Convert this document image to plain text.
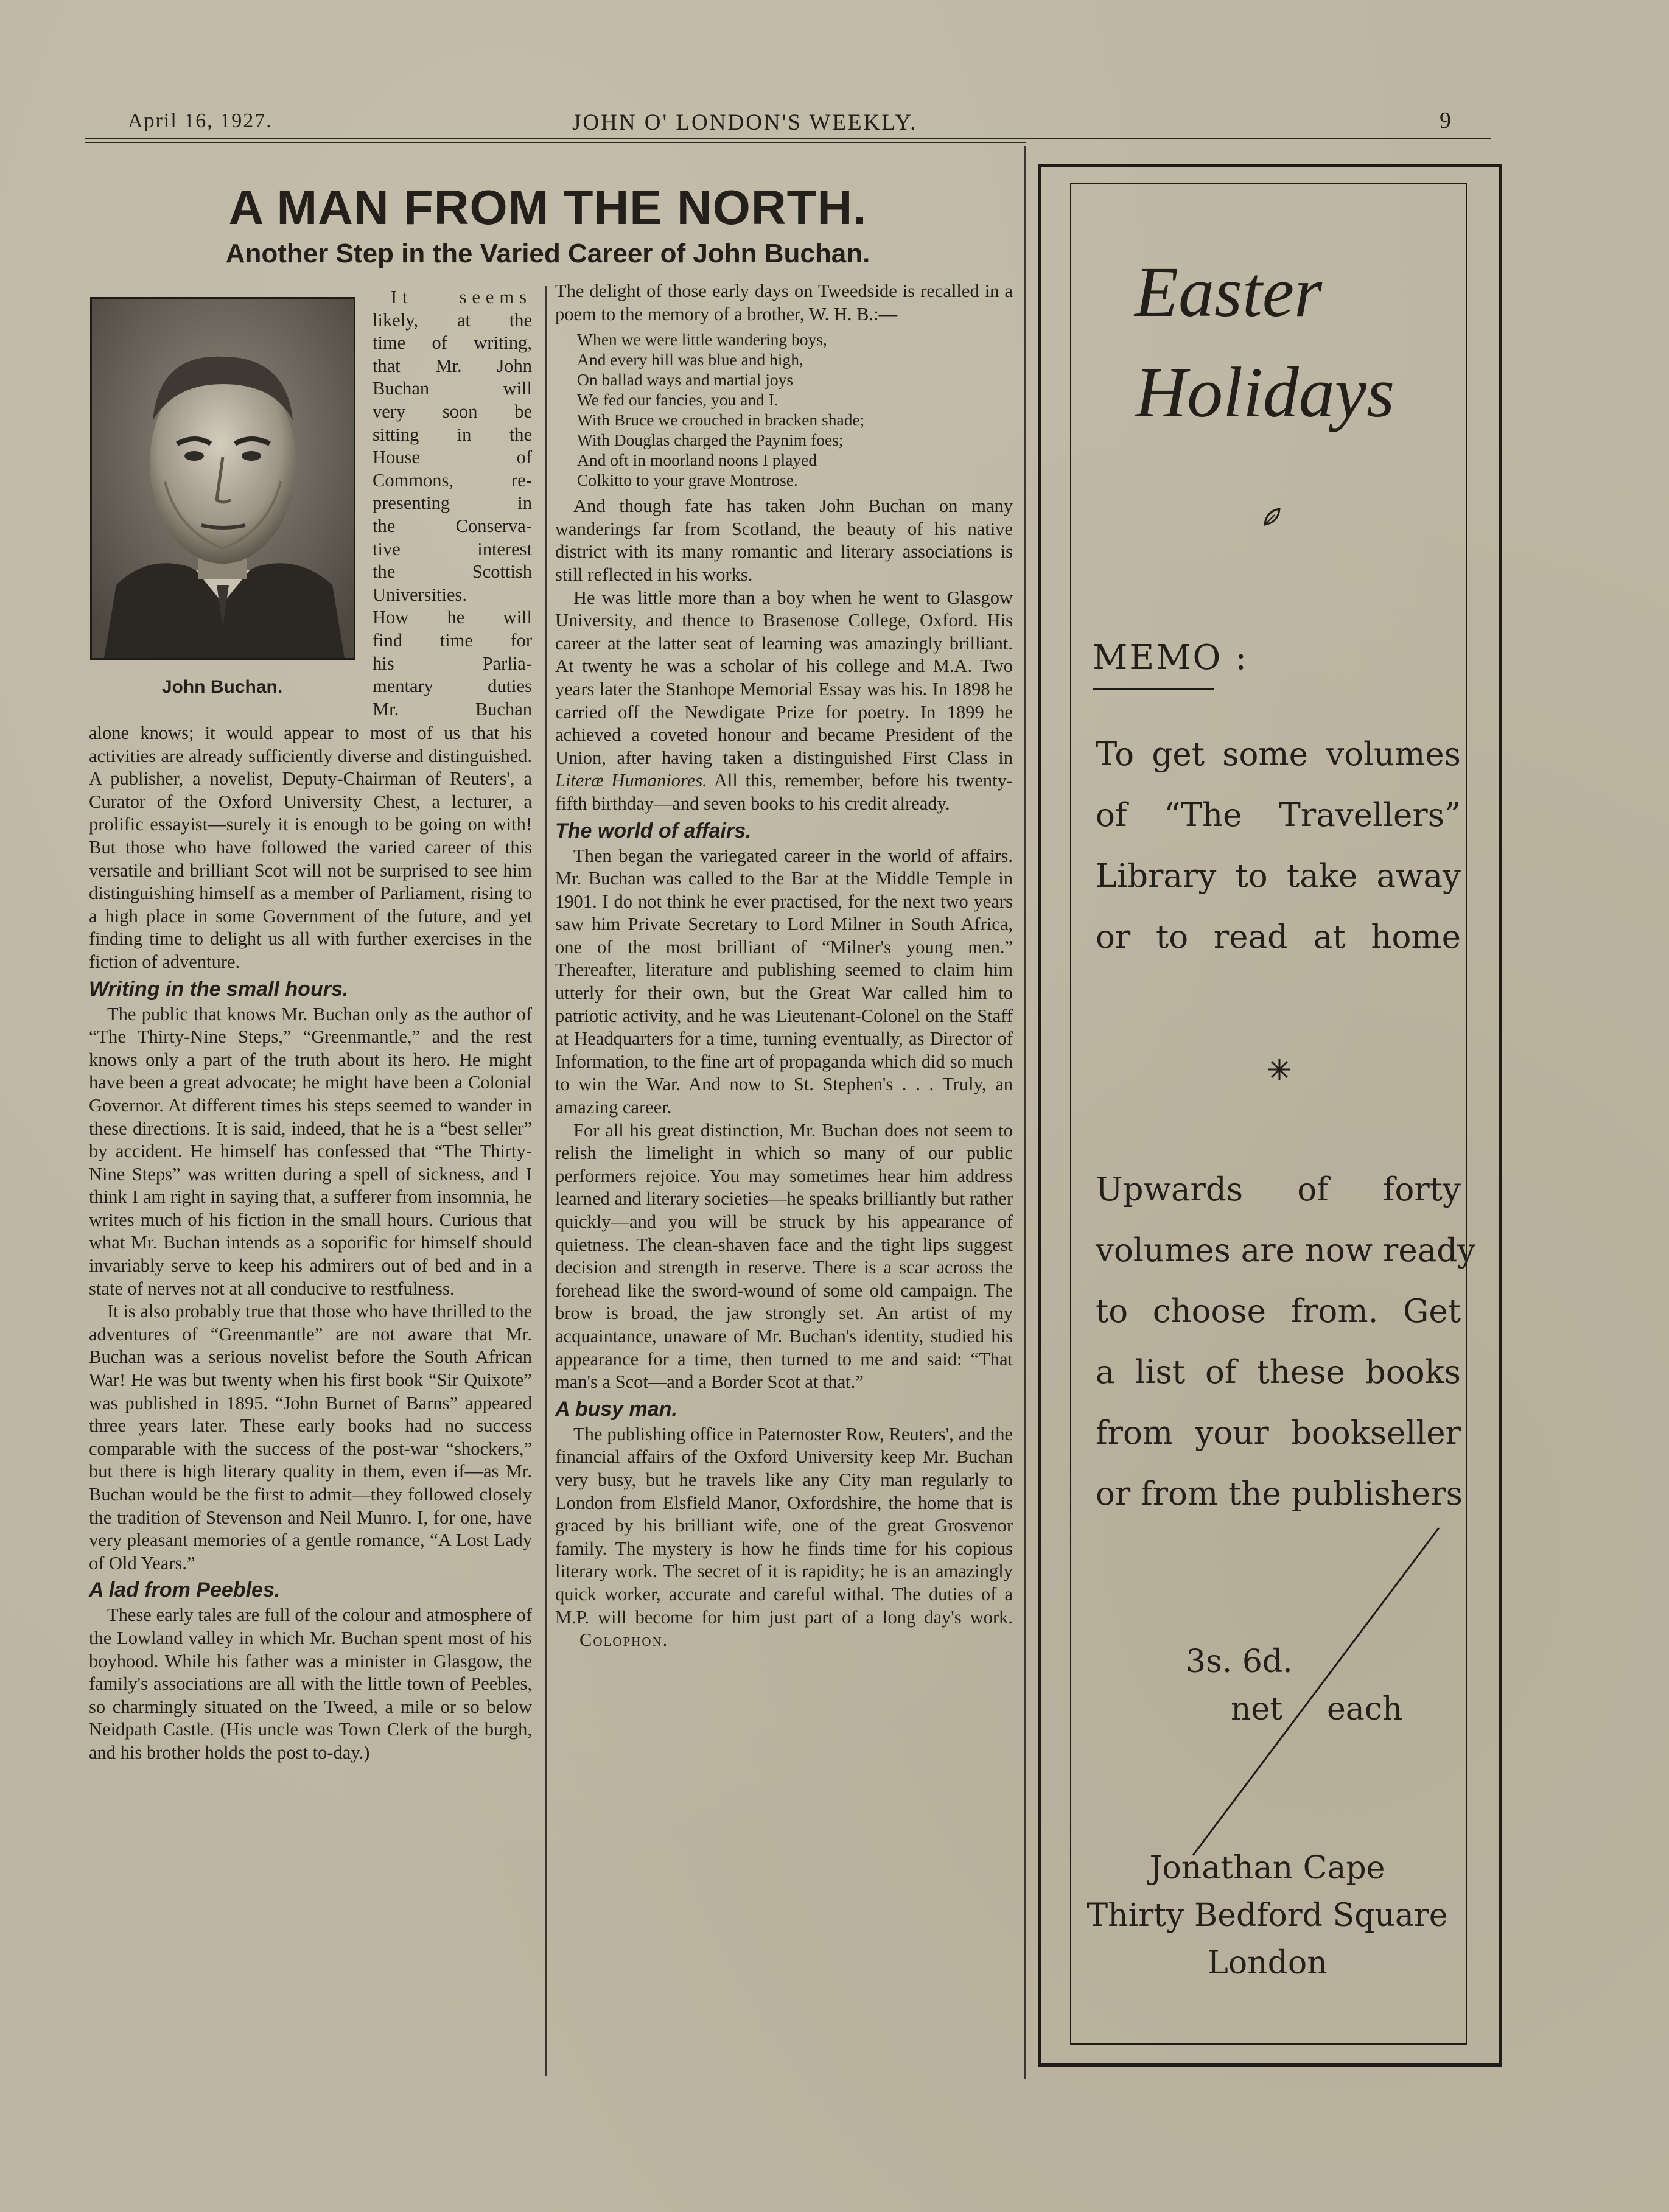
April 16, 1927.	JOHN O' LONDON'S WEEKLY.	9
A MAN FROM THE NORTH.
Another Step in the Varied Career of John Buchan.
John Buchan.
It seems
likely, at the
time of writing,
that Mr. John
Buchan will
very soon be
sitting in the
House of
Commons, re-
presenting in
the Conserva-
tive interest
the Scottish
Universities.
How he will
find time for
his Parlia-
mentary duties
Mr. Buchan

alone knows; it would appear to most of us that his activities are already sufficiently diverse and distinguished. A publisher, a novelist, Deputy-Chairman of Reuters', a Curator of the Oxford University Chest, a lecturer, a prolific essayist—surely it is enough to be going on with! But those who have followed the varied career of this versatile and brilliant Scot will not be surprised to see him distinguishing himself as a member of Parliament, rising to a high place in some Government of the future, and yet finding time to delight us all with further exercises in the fiction of adventure.

Writing in the small hours.

The public that knows Mr. Buchan only as the author of “The Thirty-Nine Steps,” “Greenmantle,” and the rest knows only a part of the truth about its hero. He might have been a great advocate; he might have been a Colonial Governor. At different times his steps seemed to wander in these directions. It is said, indeed, that he is a “best seller” by accident. He himself has confessed that “The Thirty-Nine Steps” was written during a spell of sickness, and I think I am right in saying that, a sufferer from insomnia, he writes much of his fiction in the small hours. Curious that what Mr. Buchan intends as a soporific for himself should invariably serve to keep his admirers out of bed and in a state of nerves not at all conducive to restfulness.

It is also probably true that those who have thrilled to the adventures of “Greenmantle” are not aware that Mr. Buchan was a serious novelist before the South African War! He was but twenty when his first book “Sir Quixote” was published in 1895. “John Burnet of Barns” appeared three years later. These early books had no success comparable with the success of the post-war “shockers,” but there is high literary quality in them, even if—as Mr. Buchan would be the first to admit—they followed closely the tradition of Stevenson and Neil Munro. I, for one, have very pleasant memories of a gentle romance, “A Lost Lady of Old Years.”

A lad from Peebles.

These early tales are full of the colour and atmosphere of the Lowland valley in which Mr. Buchan spent most of his boyhood. While his father was a minister in Glasgow, the family's associations are all with the little town of Peebles, so charmingly situated on the Tweed, a mile or so below Neidpath Castle. (His uncle was Town Clerk of the burgh, and his brother holds the post to-day.)

The delight of those early days on Tweedside is recalled in a poem to the memory of a brother, W. H. B.:—

When we were little wandering boys,
And every hill was blue and high,
On ballad ways and martial joys
We fed our fancies, you and I.
With Bruce we crouched in bracken shade;
With Douglas charged the Paynim foes;
And oft in moorland noons I played
Colkitto to your grave Montrose.

And though fate has taken John Buchan on many wanderings far from Scotland, the beauty of his native district with its many romantic and literary associations is still reflected in his works.

He was little more than a boy when he went to Glasgow University, and thence to Brasenose College, Oxford. His career at the latter seat of learning was amazingly brilliant. At twenty he was a scholar of his college and M.A. Two years later the Stanhope Memorial Essay was his. In 1898 he carried off the Newdigate Prize for poetry. In 1899 he achieved a coveted honour and became President of the Union, after having taken a distinguished First Class in Literæ Humaniores. All this, remember, before his twenty-fifth birthday—and seven books to his credit already.

The world of affairs.

Then began the variegated career in the world of affairs. Mr. Buchan was called to the Bar at the Middle Temple in 1901. I do not think he ever practised, for the next two years saw him Private Secretary to Lord Milner in South Africa, one of the most brilliant of “Milner's young men.” Thereafter, literature and publishing seemed to claim him utterly for their own, but the Great War called him to patriotic activity, and he was Lieutenant-Colonel on the Staff at Headquarters for a time, turning eventually, as Director of Information, to the fine art of propaganda which did so much to win the War. And now to St. Stephen's . . . Truly, an amazing career.

For all his great distinction, Mr. Buchan does not seem to relish the limelight in which so many of our public performers rejoice. You may sometimes hear him address learned and literary societies—he speaks brilliantly but rather quickly—and you will be struck by his appearance of quietness. The clean-shaven face and the tight lips suggest decision and strength in reserve. There is a scar across the forehead like the sword-wound of some old campaign. The brow is broad, the jaw strongly set. An artist of my acquaintance, unaware of Mr. Buchan's identity, studied his appearance for a time, then turned to me and said: “That man's a Scot—and a Border Scot at that.”

A busy man.

The publishing office in Paternoster Row, Reuters', and the financial affairs of the Oxford University keep Mr. Buchan very busy, but he travels like any City man regularly to London from Elsfield Manor, Oxfordshire, the home that is graced by his brilliant wife, one of the great Grosvenor family. The mystery is how he finds time for his copious literary work. The secret of it is rapidity; he is an amazingly quick worker, accurate and careful withal. The duties of a M.P. will become for him just part of a long day's work. Colophon.

Easter
Holidays
MEMO :
To get some volumes
of “The Travellers”
Library to take away
or to read at home
Upwards of forty
volumes are now ready
to choose from. Get
a list of these books
from your bookseller
or from the publishers
3s. 6d.
net each
Jonathan Cape
Thirty Bedford Square
London
